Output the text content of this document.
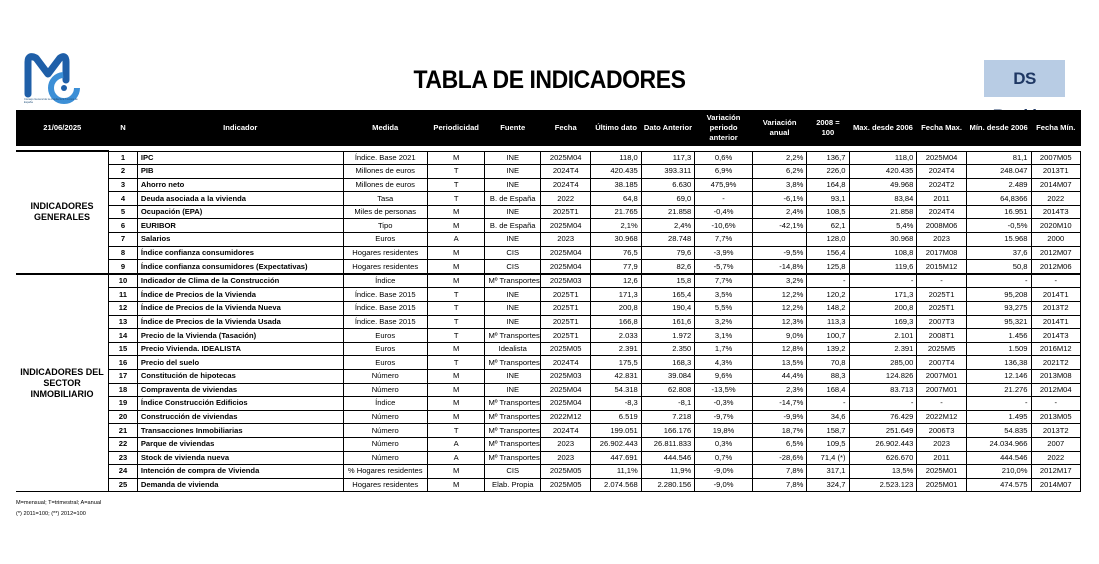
Consejo General de la Arquitectura Técnica de España
TABLA DE INDICADORES	DS
21/06/2025	N	Indicador	Medida	Periodicidad	Fuente	Fecha	Último dato	Dato Anterior	Variación periodo anterior	Variación anual	2008 = 100	Max. desde 2006	Fecha Max.	Mín. desde 2006	Fecha Mín.

INDICADORES GENERALES	1	IPC	Índice. Base 2021	M	INE	2025M04	118,0	117,3	0,6%	2,2%	136,7	118,0	2025M04	81,1	2007M05
	2	PIB	Millones de euros	T	INE	2024T4	420.435	393.311	6,9%	6,2%	226,0	420.435	2024T4	248.047	2013T1
	3	Ahorro neto	Millones de euros	T	INE	2024T4	38.185	6.630	475,9%	3,8%	164,8	49.968	2024T2	2.489	2014M07
	4	Deuda asociada a la vivienda	Tasa	T	B. de España	2022	64,8	69,0	-	-6,1%	93,1	83,84	2011	64,8366	2022
	5	Ocupación (EPA)	Miles de personas	M	INE	2025T1	21.765	21.858	-0,4%	2,4%	108,5	21.858	2024T4	16.951	2014T3
	6	EURIBOR	Tipo	M	B. de España	2025M04	2,1%	2,4%	-10,6%	-42,1%	62,1	5,4%	2008M06	-0,5%	2020M10
	7	Salarios	Euros	A	INE	2023	30.968	28.748	7,7%		128,0	30.968	2023	15.968	2000
	8	Índice confianza consumidores	Hogares residentes	M	CIS	2025M04	76,5	79,6	-3,9%	-9,5%	156,4	108,8	2017M08	37,6	2012M07
	9	Índice confianza consumidores (Expectativas)	Hogares residentes	M	CIS	2025M04	77,9	82,6	-5,7%	-14,8%	125,8	119,6	2015M12	50,8	2012M06
INDICADORES DEL SECTOR INMOBILIARIO	10	Indicador de Clima de la Construcción	Índice	M	Mº Transportes	2025M03	12,6	15,8	7,7%	3,2%	-	-	-	-	-
	11	Índice de Precios de la Vivienda	Índice. Base 2015	T	INE	2025T1	171,3	165,4	3,5%	12,2%	120,2	171,3	2025T1	95,208	2014T1
	12	Índice de Precios de la Vivienda Nueva	Índice. Base 2015	T	INE	2025T1	200,8	190,4	5,5%	12,2%	148,2	200,8	2025T1	93,275	2013T2
	13	Índice de Precios de la Vivienda Usada	Índice. Base 2015	T	INE	2025T1	166,8	161,6	3,2%	12,3%	113,3	169,3	2007T3	95,321	2014T1
	14	Precio de la Vivienda (Tasación)	Euros	T	Mº Transportes	2025T1	2.033	1.972	3,1%	9,0%	100,7	2.101	2008T1	1.456	2014T3
	15	Precio Vivienda. IDEALISTA	Euros	M	Idealista	2025M05	2.391	2.350	1,7%	12,8%	139,2	2.391	2025M5	1.509	2016M12
	16	Precio del suelo	Euros	T	Mº Transportes	2024T4	175,5	168,3	4,3%	13,5%	70,8	285,00	2007T4	136,38	2021T2
	17	Constitución de hipotecas	Número	M	INE	2025M03	42.831	39.084	9,6%	44,4%	88,3	124.826	2007M01	12.146	2013M08
	18	Compraventa de viviendas	Número	M	INE	2025M04	54.318	62.808	-13,5%	2,3%	168,4	83.713	2007M01	21.276	2012M04
	19	Índice Construcción Edificios	Índice	M	Mº Transportes	2025M04	-8,3	-8,1	-0,3%	-14,7%	-	-	-	-	-
	20	Construcción de viviendas	Número	M	Mº Transportes	2022M12	6.519	7.218	-9,7%	-9,9%	34,6	76.429	2022M12	1.495	2013M05
	21	Transacciones Inmobiliarias	Número	T	Mº Transportes	2024T4	199.051	166.176	19,8%	18,7%	158,7	251.649	2006T3	54.835	2013T2
	22	Parque de viviendas	Número	A	Mº Transportes	2023	26.902.443	26.811.833	0,3%	6,5%	109,5	26.902.443	2023	24.034.966	2007
	23	Stock de vivienda nueva	Número	A	Mº Transportes	2023	447.691	444.546	0,7%	-28,6%	71,4 (*)	626.670	2011	444.546	2022
	24	Intención de compra de Vivienda	% Hogares residentes	M	CIS	2025M05	11,1%	11,9%	-9,0%	7,8%	317,1	13,5%	2025M01	210,0%	2012M17
	25	Demanda de vivienda	Hogares residentes	M	Elab. Propia	2025M05	2.074.568	2.280.156	-9,0%	7,8%	324,7	2.523.123	2025M01	474.575	2014M07
M=mensual; T=trimestral; A=anual
(*) 2011=100; (**) 2012=100
